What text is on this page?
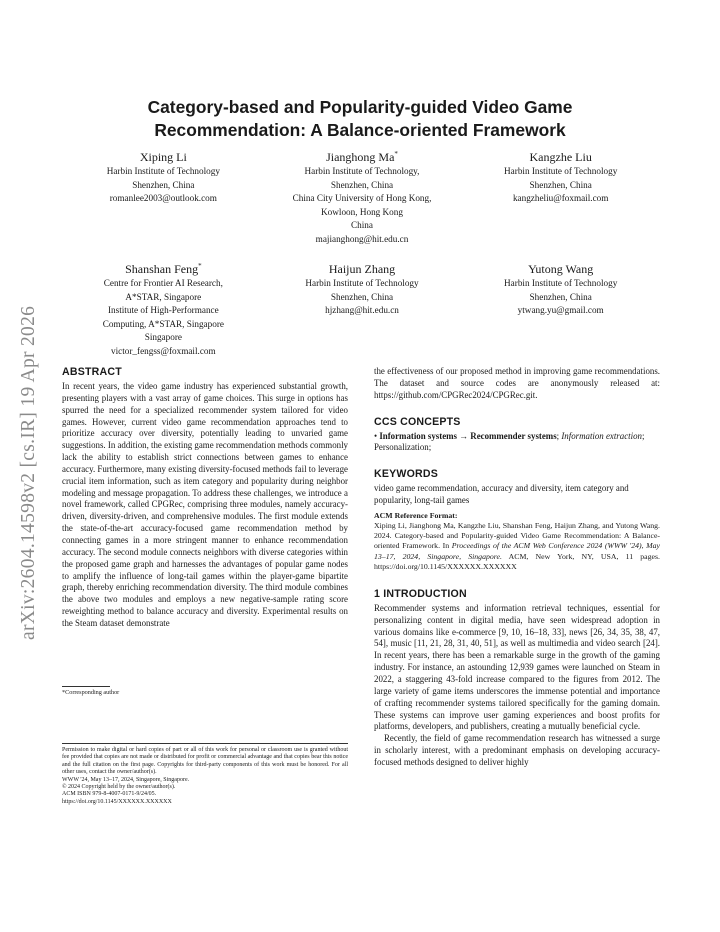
arXiv:2604.14598v2 [cs.IR] 19 Apr 2026
Category-based and Popularity-guided Video Game
Recommendation: A Balance-oriented Framework
Xiping Li
Harbin Institute of Technology
Shenzhen, China
romanlee2003@outlook.com
Jianghong Ma*
Harbin Institute of Technology,
Shenzhen, China
China City University of Hong Kong,
Kowloon, Hong Kong
China
majianghong@hit.edu.cn
Kangzhe Liu
Harbin Institute of Technology
Shenzhen, China
kangzheliu@foxmail.com
Shanshan Feng*
Centre for Frontier AI Research,
A*STAR, Singapore
Institute of High-Performance
Computing, A*STAR, Singapore
Singapore
victor_fengss@foxmail.com
Haijun Zhang
Harbin Institute of Technology
Shenzhen, China
hjzhang@hit.edu.cn
Yutong Wang
Harbin Institute of Technology
Shenzhen, China
ytwang.yu@gmail.com
ABSTRACT

In recent years, the video game industry has experienced substantial growth, presenting players with a vast array of game choices. This surge in options has spurred the need for a specialized recommender system tailored for video games. However, current video game recommendation approaches tend to prioritize accuracy over diversity, potentially leading to unvaried game suggestions. In addition, the existing game recommendation methods commonly lack the ability to establish strict connections between games to enhance accuracy. Furthermore, many existing diversity-focused methods fail to leverage crucial item information, such as item category and popularity during neighbor modeling and message propagation. To address these challenges, we introduce a novel framework, called CPGRec, comprising three modules, namely accuracy-driven, diversity-driven, and comprehensive modules. The first module extends the state-of-the-art accuracy-focused game recommendation method by connecting games in a more stringent manner to enhance recommendation accuracy. The second module connects neighbors with diverse categories within the proposed game graph and harnesses the advantages of popular game nodes to amplify the influence of long-tail games within the player-game bipartite graph, thereby enriching recommendation diversity. The third module combines the above two modules and employs a new negative-sample rating score reweighting method to balance accuracy and diversity. Experimental results on the Steam dataset demonstrate

*Corresponding author

Permission to make digital or hard copies of part or all of this work for personal or classroom use is granted without fee provided that copies are not made or distributed for profit or commercial advantage and that copies bear this notice and the full citation on the first page. Copyrights for third-party components of this work must be honored. For all other uses, contact the owner/author(s).

WWW '24, May 13–17, 2024, Singapore, Singapore.

© 2024 Copyright held by the owner/author(s).

ACM ISBN 979-8-4007-0171-9/24/05.

https://doi.org/10.1145/XXXXXX.XXXXXX

the effectiveness of our proposed method in improving game recommendations. The dataset and source codes are anonymously released at: https://github.com/CPGRec2024/CPGRec.git.

CCS CONCEPTS

• Information systems → Recommender systems; Information extraction; Personalization;

KEYWORDS

video game recommendation, accuracy and diversity, item category and popularity, long-tail games

ACM Reference Format:

Xiping Li, Jianghong Ma, Kangzhe Liu, Shanshan Feng, Haijun Zhang, and Yutong Wang. 2024. Category-based and Popularity-guided Video Game Recommendation: A Balance-oriented Framework. In Proceedings of the ACM Web Conference 2024 (WWW '24), May 13–17, 2024, Singapore, Singapore. ACM, New York, NY, USA, 11 pages. https://doi.org/10.1145/XXXXXX.XXXXXX

1 INTRODUCTION

Recommender systems and information retrieval techniques, essential for personalizing content in digital media, have seen widespread adoption in various domains like e-commerce [9, 10, 16–18, 33], news [26, 34, 35, 38, 47, 54], music [11, 21, 28, 31, 40, 51], as well as multimedia and video search [24]. In recent years, there has been a remarkable surge in the growth of the gaming industry. For instance, an astounding 12,939 games were launched on Steam in 2022, a staggering 43-fold increase compared to the figures from 2012. The large variety of game items underscores the immense potential and importance of crafting recommender systems tailored specifically for the gaming domain. These systems can improve user gaming experiences and boost profits for platforms, developers, and publishers, creating a mutually beneficial cycle.

Recently, the field of game recommendation research has witnessed a surge in scholarly interest, with a predominant emphasis on developing accuracy-focused methods designed to deliver highly
